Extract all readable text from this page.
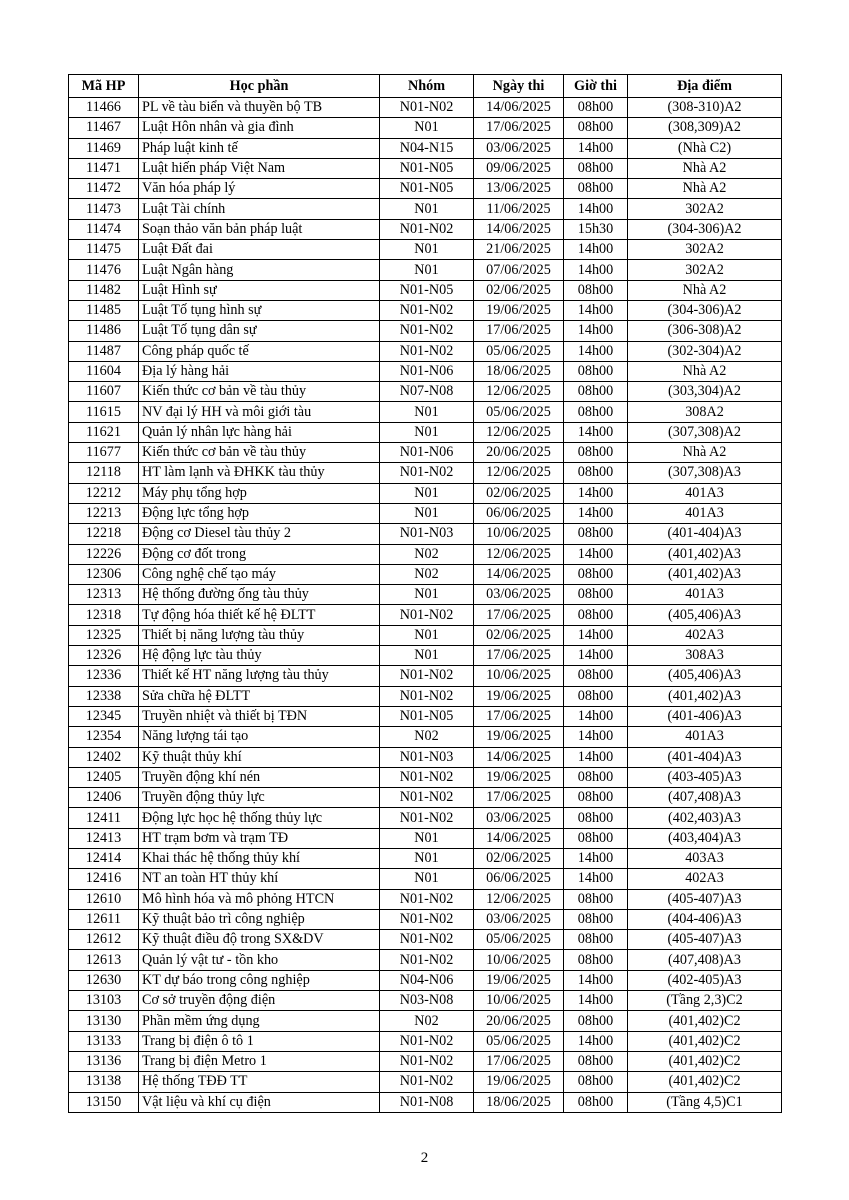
Mã HP	Học phần	Nhóm	Ngày thi	Giờ thi	Địa điểm
11466	PL về tàu biển và thuyền bộ TB	N01-N02	14/06/2025	08h00	(308-310)A2
11467	Luật Hôn nhân và gia đình	N01	17/06/2025	08h00	(308,309)A2
11469	Pháp luật kinh tế	N04-N15	03/06/2025	14h00	(Nhà C2)
11471	Luật hiến pháp Việt Nam	N01-N05	09/06/2025	08h00	Nhà A2
11472	Văn hóa pháp lý	N01-N05	13/06/2025	08h00	Nhà A2
11473	Luật Tài chính	N01	11/06/2025	14h00	302A2
11474	Soạn thảo văn bản pháp luật	N01-N02	14/06/2025	15h30	(304-306)A2
11475	Luật Đất đai	N01	21/06/2025	14h00	302A2
11476	Luật Ngân hàng	N01	07/06/2025	14h00	302A2
11482	Luật Hình sự	N01-N05	02/06/2025	08h00	Nhà A2
11485	Luật Tố tụng hình sự	N01-N02	19/06/2025	14h00	(304-306)A2
11486	Luật Tố tụng dân sự	N01-N02	17/06/2025	14h00	(306-308)A2
11487	Công pháp quốc tế	N01-N02	05/06/2025	14h00	(302-304)A2
11604	Địa lý hàng hải	N01-N06	18/06/2025	08h00	Nhà A2
11607	Kiến thức cơ bản về tàu thủy	N07-N08	12/06/2025	08h00	(303,304)A2
11615	NV đại lý HH và môi giới tàu	N01	05/06/2025	08h00	308A2
11621	Quản lý nhân lực hàng hải	N01	12/06/2025	14h00	(307,308)A2
11677	Kiến thức cơ bản về tàu thủy	N01-N06	20/06/2025	08h00	Nhà A2
12118	HT làm lạnh và ĐHKK tàu thủy	N01-N02	12/06/2025	08h00	(307,308)A3
12212	Máy phụ tổng hợp	N01	02/06/2025	14h00	401A3
12213	Động lực tổng hợp	N01	06/06/2025	14h00	401A3
12218	Động cơ Diesel tàu thủy 2	N01-N03	10/06/2025	08h00	(401-404)A3
12226	Động cơ đốt trong	N02	12/06/2025	14h00	(401,402)A3
12306	Công nghệ chế tạo máy	N02	14/06/2025	08h00	(401,402)A3
12313	Hệ thống đường ống tàu thủy	N01	03/06/2025	08h00	401A3
12318	Tự động hóa thiết kế hệ ĐLTT	N01-N02	17/06/2025	08h00	(405,406)A3
12325	Thiết bị năng lượng tàu thủy	N01	02/06/2025	14h00	402A3
12326	Hệ động lực tàu thủy	N01	17/06/2025	14h00	308A3
12336	Thiết kế HT năng lượng tàu thủy	N01-N02	10/06/2025	08h00	(405,406)A3
12338	Sửa chữa hệ ĐLTT	N01-N02	19/06/2025	08h00	(401,402)A3
12345	Truyền nhiệt và thiết bị TĐN	N01-N05	17/06/2025	14h00	(401-406)A3
12354	Năng lượng tái tạo	N02	19/06/2025	14h00	401A3
12402	Kỹ thuật thủy khí	N01-N03	14/06/2025	14h00	(401-404)A3
12405	Truyền động khí nén	N01-N02	19/06/2025	08h00	(403-405)A3
12406	Truyền động thủy lực	N01-N02	17/06/2025	08h00	(407,408)A3
12411	Động lực học hệ thống thủy lực	N01-N02	03/06/2025	08h00	(402,403)A3
12413	HT trạm bơm và trạm TĐ	N01	14/06/2025	08h00	(403,404)A3
12414	Khai thác hệ thống thủy khí	N01	02/06/2025	14h00	403A3
12416	NT an toàn HT thủy khí	N01	06/06/2025	14h00	402A3
12610	Mô hình hóa và mô phỏng HTCN	N01-N02	12/06/2025	08h00	(405-407)A3
12611	Kỹ thuật bảo trì công nghiệp	N01-N02	03/06/2025	08h00	(404-406)A3
12612	Kỹ thuật điều độ trong SX&DV	N01-N02	05/06/2025	08h00	(405-407)A3
12613	Quản lý vật tư - tồn kho	N01-N02	10/06/2025	08h00	(407,408)A3
12630	KT dự báo trong công nghiệp	N04-N06	19/06/2025	14h00	(402-405)A3
13103	Cơ sở truyền động điện	N03-N08	10/06/2025	14h00	(Tầng 2,3)C2
13130	Phần mềm ứng dụng	N02	20/06/2025	08h00	(401,402)C2
13133	Trang bị điện ô tô 1	N01-N02	05/06/2025	14h00	(401,402)C2
13136	Trang bị điện Metro 1	N01-N02	17/06/2025	08h00	(401,402)C2
13138	Hệ thống TĐĐ TT	N01-N02	19/06/2025	08h00	(401,402)C2
13150	Vật liệu và khí cụ điện	N01-N08	18/06/2025	08h00	(Tầng 4,5)C1
2
